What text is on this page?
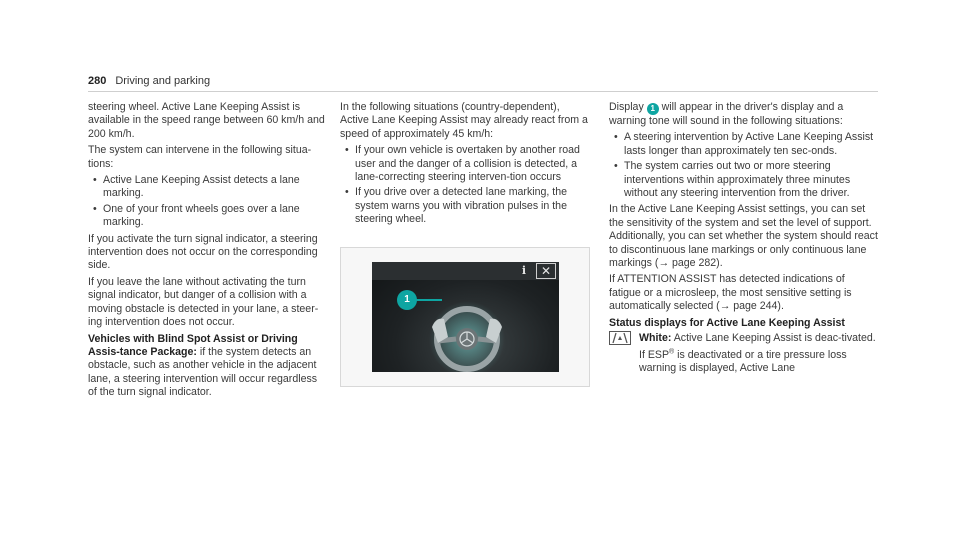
280 Driving and parking

steering wheel. Active Lane Keeping Assist is available in the speed range between 60 km/h and 200 km/h.

The system can intervene in the following situa-tions:

• Active Lane Keeping Assist detects a lane marking.
• One of your front wheels goes over a lane marking.

If you activate the turn signal indicator, a steering intervention does not occur on the corresponding side.

If you leave the lane without activating the turn signal indicator, but danger of a collision with a moving obstacle is detected in your lane, a steer-ing intervention does not occur.

Vehicles with Blind Spot Assist or Driving Assis-tance Package: if the system detects an obstacle, such as another vehicle in the adjacent lane, a steering intervention will occur regardless of the turn signal indicator.

In the following situations (country-dependent), Active Lane Keeping Assist may already react from a speed of approximately 45 km/h:

• If your own vehicle is overtaken by another road user and the danger of a collision is detected, a lane-correcting steering interven-tion occurs
• If you drive over a detected lane marking, the system warns you with vibration pulses in the steering wheel.
i	✕
1

Display 1 will appear in the driver's display and a warning tone will sound in the following situations:

• A steering intervention by Active Lane Keeping Assist lasts longer than approximately ten sec-onds.
• The system carries out two or more steering interventions within approximately three minutes without any steering intervention from the driver.

In the Active Lane Keeping Assist settings, you can set the sensitivity of the system and set the level of support. Additionally, you can set whether the system should react to discontinuous lane markings or only continuous lane markings (→ page 282).

If ATTENTION ASSIST has detected indications of fatigue or a microsleep, the most sensitive setting is automatically selected (→ page 244).

Status displays for Active Lane Keeping Assist

White: Active Lane Keeping Assist is deac-tivated.

If ESP® is deactivated or a tire pressure loss warning is displayed, Active Lane
